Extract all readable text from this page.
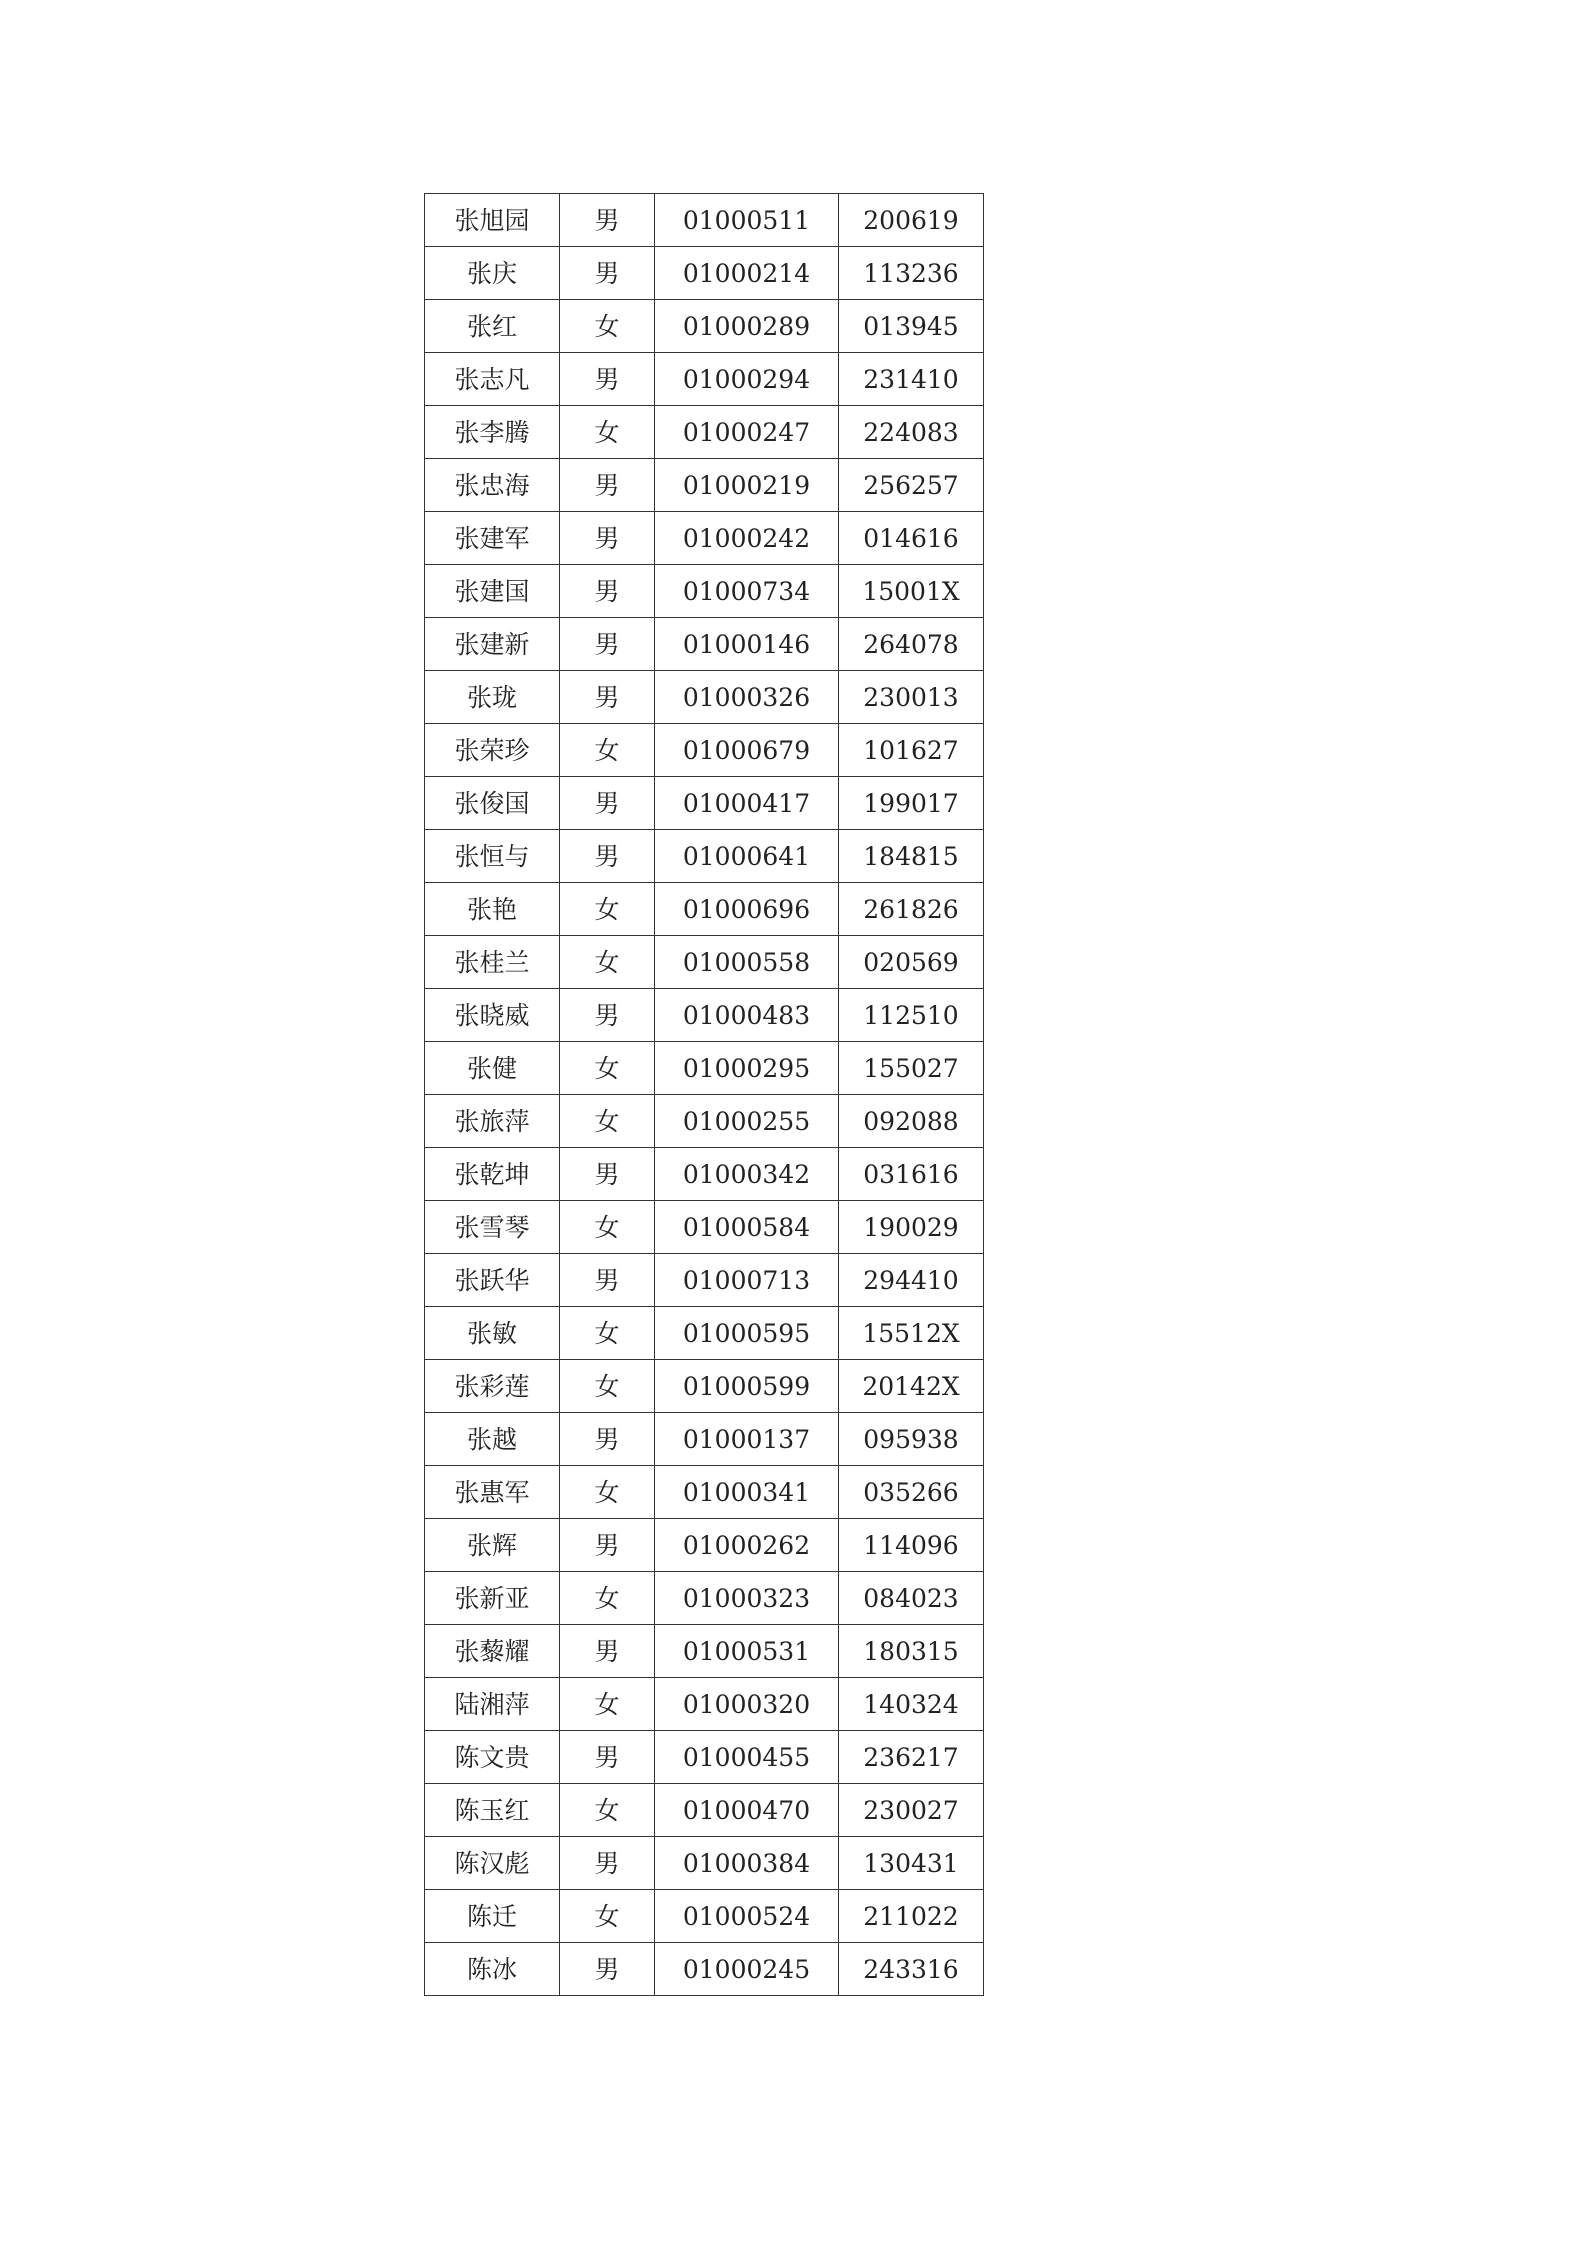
张旭园	男	01000511	200619
张庆	男	01000214	113236
张红	女	01000289	013945
张志凡	男	01000294	231410
张李腾	女	01000247	224083
张忠海	男	01000219	256257
张建军	男	01000242	014616
张建国	男	01000734	15001X
张建新	男	01000146	264078
张珑	男	01000326	230013
张荣珍	女	01000679	101627
张俊国	男	01000417	199017
张恒与	男	01000641	184815
张艳	女	01000696	261826
张桂兰	女	01000558	020569
张晓威	男	01000483	112510
张健	女	01000295	155027
张旅萍	女	01000255	092088
张乾坤	男	01000342	031616
张雪琴	女	01000584	190029
张跃华	男	01000713	294410
张敏	女	01000595	15512X
张彩莲	女	01000599	20142X
张越	男	01000137	095938
张惠军	女	01000341	035266
张辉	男	01000262	114096
张新亚	女	01000323	084023
张藜耀	男	01000531	180315
陆湘萍	女	01000320	140324
陈文贵	男	01000455	236217
陈玉红	女	01000470	230027
陈汉彪	男	01000384	130431
陈迁	女	01000524	211022
陈冰	男	01000245	243316
